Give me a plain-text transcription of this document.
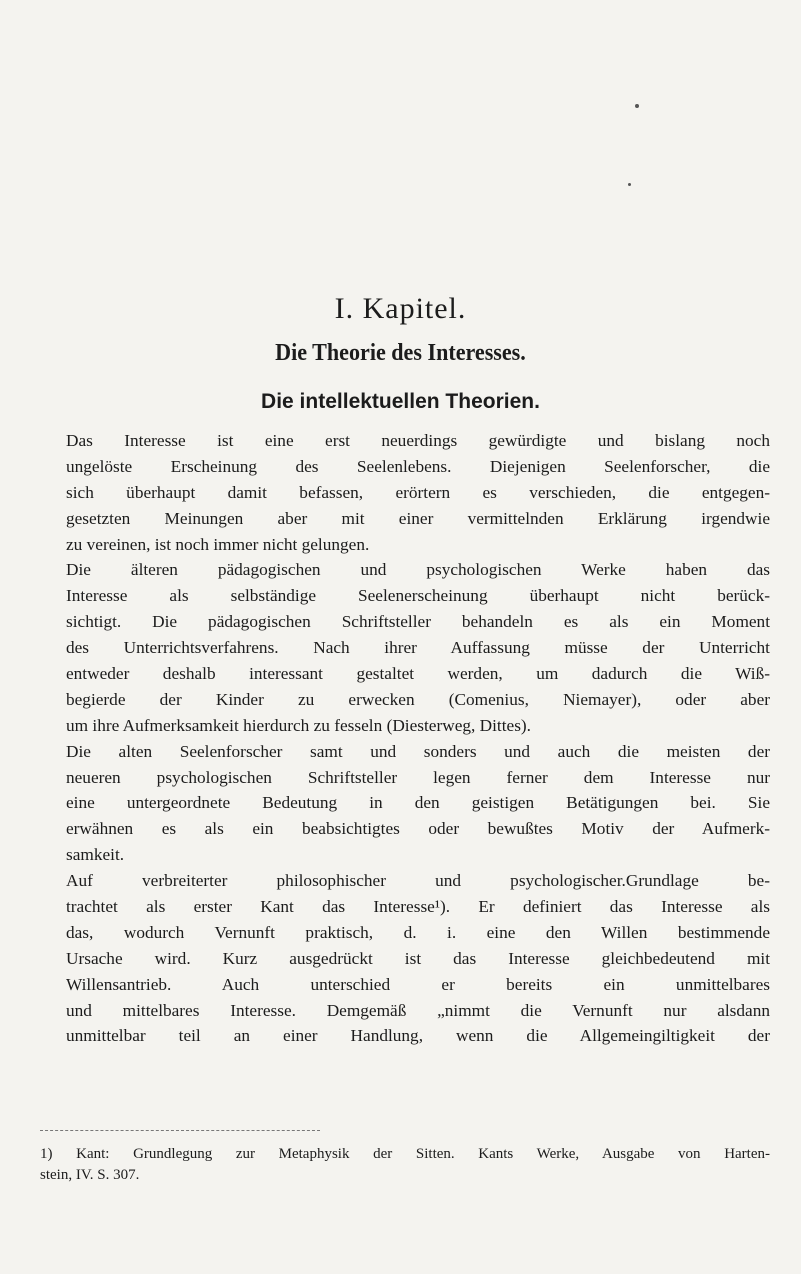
I. Kapitel.
Die Theorie des Interesses.
Die intellektuellen Theorien.

Das Interesse ist eine erst neuerdings gewürdigte und bislang noch
ungelöste Erscheinung des Seelenlebens. Diejenigen Seelenforscher, die
sich überhaupt damit befassen, erörtern es verschieden, die entgegen-
gesetzten Meinungen aber mit einer vermittelnden Erklärung irgendwie
zu vereinen, ist noch immer nicht gelungen.

Die älteren pädagogischen und psychologischen Werke haben das
Interesse als selbständige Seelenerscheinung überhaupt nicht berück-
sichtigt. Die pädagogischen Schriftsteller behandeln es als ein Moment
des Unterrichtsverfahrens. Nach ihrer Auffassung müsse der Unterricht
entweder deshalb interessant gestaltet werden, um dadurch die Wiß-
begierde der Kinder zu erwecken (Comenius, Niemayer), oder aber
um ihre Aufmerksamkeit hierdurch zu fesseln (Diesterweg, Dittes).

Die alten Seelenforscher samt und sonders und auch die meisten der
neueren psychologischen Schriftsteller legen ferner dem Interesse nur
eine untergeordnete Bedeutung in den geistigen Betätigungen bei. Sie
erwähnen es als ein beabsichtigtes oder bewußtes Motiv der Aufmerk-
samkeit.

Auf verbreiterter philosophischer und psychologischer.Grundlage be-
trachtet als erster Kant das Interesse¹). Er definiert das Interesse als
das, wodurch Vernunft praktisch, d. i. eine den Willen bestimmende
Ursache wird. Kurz ausgedrückt ist das Interesse gleichbedeutend mit
Willensantrieb. Auch unterschied er bereits ein unmittelbares
und mittelbares Interesse. Demgemäß „nimmt die Vernunft nur alsdann
unmittelbar teil an einer Handlung, wenn die Allgemeingiltigkeit der

1) Kant: Grundlegung zur Metaphysik der Sitten. Kants Werke, Ausgabe von Harten-
stein, IV. S. 307.
